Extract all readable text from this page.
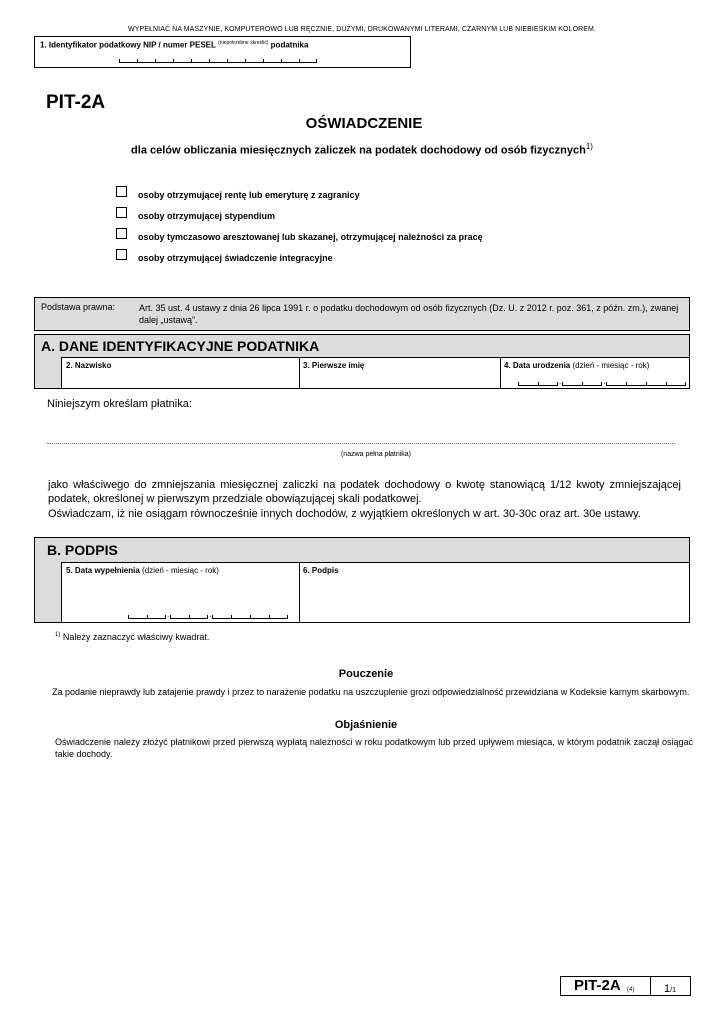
WYPEŁNIAĆ NA MASZYNIE, KOMPUTEROWO LUB RĘCZNIE, DUŻYMI, DRUKOWANYMI LITERAMI, CZARNYM LUB NIEBIESKIM KOLOREM.
1. Identyfikator podatkowy NIP / numer PESEL $^{(niepotrzebne skreślić)}$ podatnika
PIT-2A
OŚWIADCZENIE
dla celów obliczania miesięcznych zaliczek na podatek dochodowy od osób fizycznych$^{1)}$
osoby otrzymującej rentę lub emeryturę z zagranicy
osoby otrzymującej stypendium
osoby tymczasowo aresztowanej lub skazanej, otrzymującej należności za pracę
osoby otrzymującej świadczenie integracyjne
Podstawa prawna:	Art. 35 ust. 4 ustawy z dnia 26 lipca 1991 r. o podatku dochodowym od osób fizycznych (Dz. U. z 2012 r. poz. 361, z późn. zm.), zwanej dalej „ustawą”.
A. DANE IDENTYFIKACYJNE PODATNIKA
2. Nazwisko	3. Pierwsze imię	4. Data urodzenia (dzień - miesiąc - rok)
.	.
Niniejszym określam płatnika:
(nazwa pełna płatnika)
jako właściwego do zmniejszania miesięcznej zaliczki na podatek dochodowy o kwotę stanowiącą 1/12 kwoty zmniejszającej podatek, określonej w pierwszym przedziale obowiązującej skali podatkowej.
Oświadczam, iż nie osiągam równocześnie innych dochodów, z wyjątkiem określonych w art. 30-30c oraz art. 30e ustawy.
B. PODPIS
5. Data wypełnienia (dzień - miesiąc - rok)
.	.
6. Podpis
$^{1)}$ Należy zaznaczyć właściwy kwadrat.
Pouczenie
Za podanie nieprawdy lub zatajenie prawdy i przez to narażenie podatku na uszczuplenie grozi odpowiedzialność przewidziana w Kodeksie karnym skarbowym.
Objaśnienie
Oświadczenie należy złożyć płatnikowi przed pierwszą wypłatą należności w roku podatkowym lub przed upływem miesiąca, w którym podatnik zaczął osiągać takie dochody.
PIT-2A (4)	1/1
